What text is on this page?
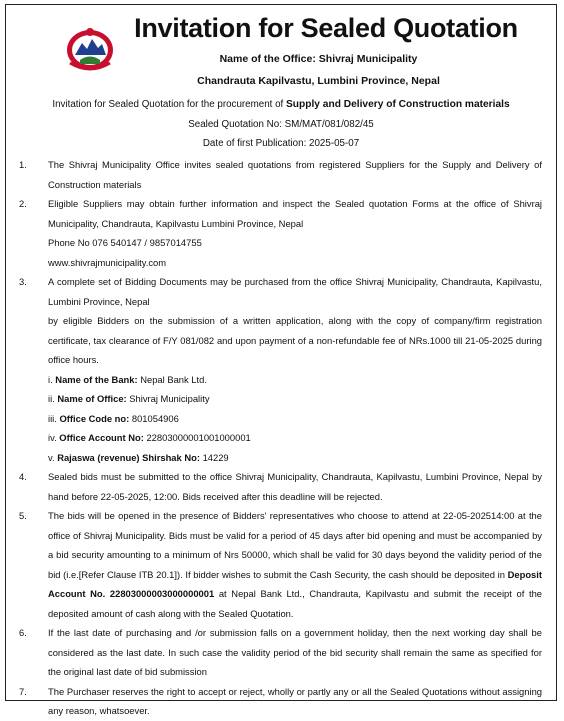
Invitation for Sealed Quotation
Name of the Office: Shivraj Municipality
Chandrauta Kapilvastu, Lumbini Province, Nepal
Invitation for Sealed Quotation for the procurement of Supply and Delivery of Construction materials
Sealed Quotation No: SM/MAT/081/082/45
Date of first Publication: 2025-05-07
1. The Shivraj Municipality Office invites sealed quotations from registered Suppliers for the Supply and Delivery of Construction materials
2. Eligible Suppliers may obtain further information and inspect the Sealed quotation Forms at the office of Shivraj Municipality, Chandrauta, Kapilvastu Lumbini Province, Nepal
Phone No 076 540147 / 9857014755
www.shivrajmunicipality.com
3. A complete set of Bidding Documents may be purchased from the office Shivraj Municipality, Chandrauta, Kapilvastu, Lumbini Province, Nepal
by eligible Bidders on the submission of a written application, along with the copy of company/firm registration certificate, tax clearance of F/Y 081/082 and upon payment of a non-refundable fee of NRs.1000 till 21-05-2025 during office hours.
i. Name of the Bank: Nepal Bank Ltd.
ii. Name of Office: Shivraj Municipality
iii. Office Code no: 801054906
iv. Office Account No: 22803000001001000001
v. Rajaswa (revenue) Shirshak No: 14229
4. Sealed bids must be submitted to the office Shivraj Municipality, Chandrauta, Kapilvastu, Lumbini Province, Nepal by hand before 22-05-2025, 12:00. Bids received after this deadline will be rejected.
5. The bids will be opened in the presence of Bidders' representatives who choose to attend at 22-05-202514:00 at the office of Shivraj Municipality. Bids must be valid for a period of 45 days after bid opening and must be accompanied by a bid security amounting to a minimum of Nrs 50000, which shall be valid for 30 days beyond the validity period of the bid (i.e.[Refer Clause ITB 20.1]). If bidder wishes to submit the Cash Security, the cash should be deposited in Deposit Account No. 22803000003000000001 at Nepal Bank Ltd., Chandrauta, Kapilvastu and submit the receipt of the deposited amount of cash along with the Sealed Quotation.
6. If the last date of purchasing and /or submission falls on a government holiday, then the next working day shall be considered as the last date. In such case the validity period of the bid security shall remain the same as specified for the original last date of bid submission
7. The Purchaser reserves the right to accept or reject, wholly or partly any or all the Sealed Quotations without assigning any reason, whatsoever.
